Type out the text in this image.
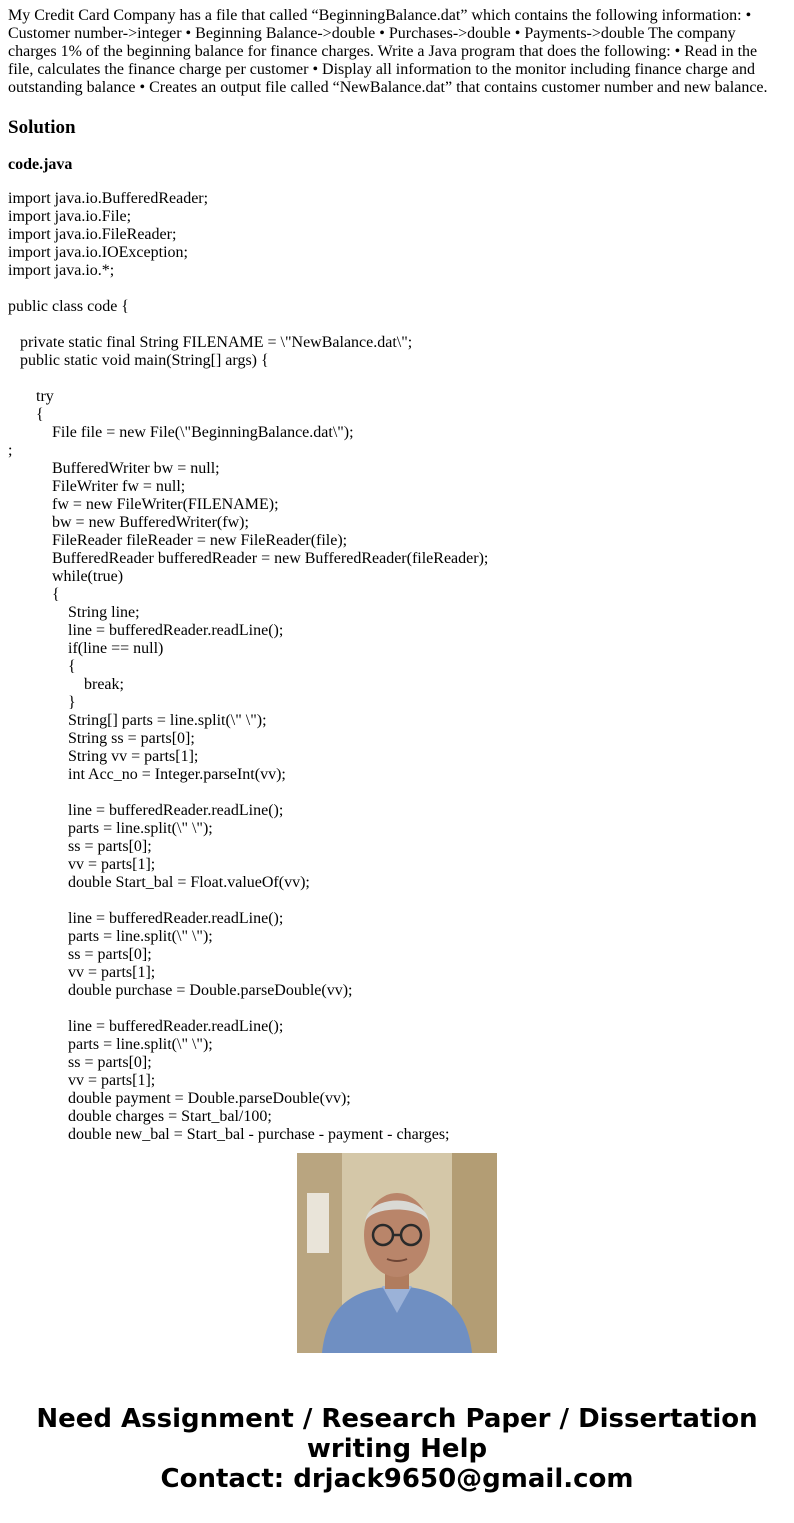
My Credit Card Company has a file that called “BeginningBalance.dat” which contains the following information: • Customer number->integer • Beginning Balance->double • Purchases->double • Payments->double The company charges 1% of the beginning balance for finance charges. Write a Java program that does the following: • Read in the file, calculates the finance charge per customer • Display all information to the monitor including finance charge and outstanding balance • Creates an output file called “NewBalance.dat” that contains customer number and new balance.

Solution
code.java
import java.io.BufferedReader;
import java.io.File;
import java.io.FileReader;
import java.io.IOException;
import java.io.*;
public class code {
private static final String FILENAME = \"NewBalance.dat\";
public static void main(String[] args) {
try
{
File file = new File(\"BeginningBalance.dat\");
;
BufferedWriter bw = null;
FileWriter fw = null;
fw = new FileWriter(FILENAME);
bw = new BufferedWriter(fw);
FileReader fileReader = new FileReader(file);
BufferedReader bufferedReader = new BufferedReader(fileReader);
while(true)
{
String line;
line = bufferedReader.readLine();
if(line == null)
{
break;
}
String[] parts = line.split(\" \");
String ss = parts[0];
String vv = parts[1];
int Acc_no = Integer.parseInt(vv);
line = bufferedReader.readLine();
parts = line.split(\" \");
ss = parts[0];
vv = parts[1];
double Start_bal = Float.valueOf(vv);
line = bufferedReader.readLine();
parts = line.split(\" \");
ss = parts[0];
vv = parts[1];
double purchase = Double.parseDouble(vv);
line = bufferedReader.readLine();
parts = line.split(\" \");
ss = parts[0];
vv = parts[1];
double payment = Double.parseDouble(vv);
double charges = Start_bal/100;
double new_bal = Start_bal - purchase - payment - charges;
Need Assignment / Research Paper / Dissertation
writing Help
Contact: drjack9650@gmail.com
